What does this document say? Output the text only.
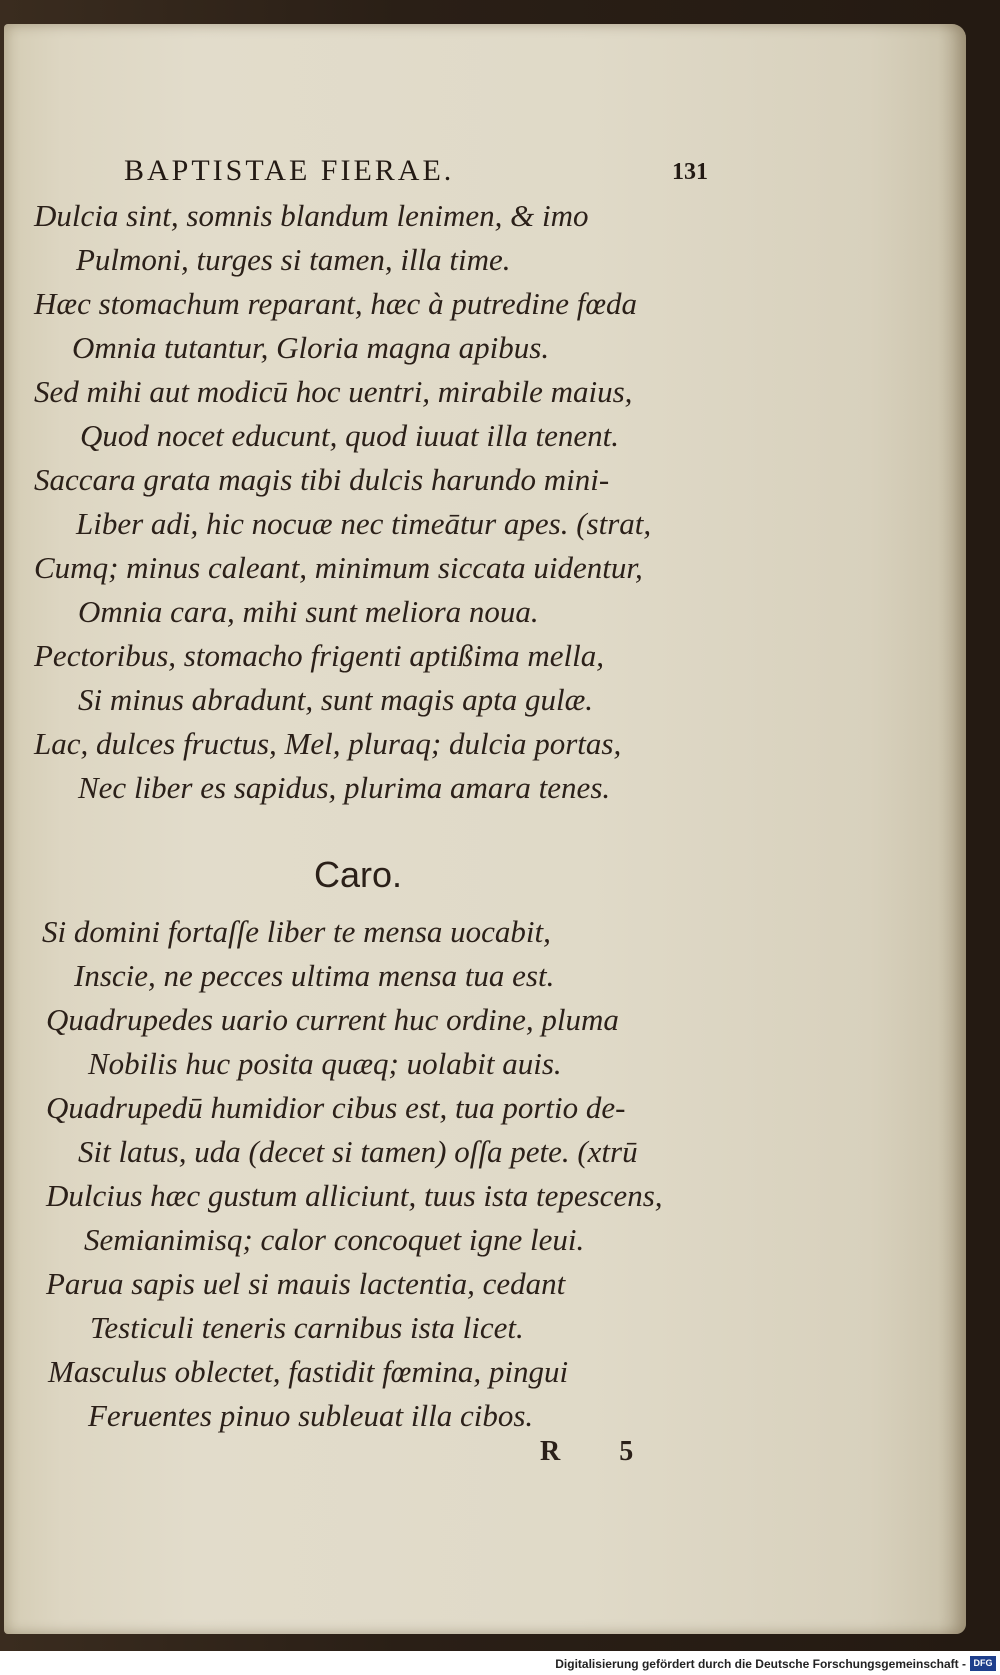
BAPTISTAE FIERAE.	131
Dulcia sint, somnis blandum lenimen, & imo
Pulmoni, turges si tamen, illa time.
Hæc stomachum reparant, hæc à putredine fœda
Omnia tutantur, Gloria magna apibus.
Sed mihi aut modicū hoc uentri, mirabile maius,
Quod nocet educunt, quod iuuat illa tenent.
Saccara grata magis tibi dulcis harundo mini-
Liber adi, hic nocuæ nec timeātur apes. (strat,
Cumq; minus caleant, minimum siccata uidentur,
Omnia cara, mihi sunt meliora noua.
Pectoribus, stomacho frigenti aptißima mella,
Si minus abradunt, sunt magis apta gulæ.
Lac, dulces fructus, Mel, pluraq; dulcia portas,
Nec liber es sapidus, plurima amara tenes.
Caro.
Si domini fortaſſe liber te mensa uocabit,
Inscie, ne pecces ultima mensa tua est.
Quadrupedes uario current huc ordine, pluma
Nobilis huc posita quæq; uolabit auis.
Quadrupedū humidior cibus est, tua portio de-
Sit latus, uda (decet si tamen) oſſa pete. (xtrū
Dulcius hæc gustum alliciunt, tuus ista tepescens,
Semianimisq; calor concoquet igne leui.
Parua sapis uel si mauis lactentia, cedant
Testiculi teneris carnibus ista licet.
Masculus oblectet, fastidit fœmina, pingui
Feruentes pinuo subleuat illa cibos.
R 5
Digitalisierung gefördert durch die Deutsche Forschungsgemeinschaft - DFG
